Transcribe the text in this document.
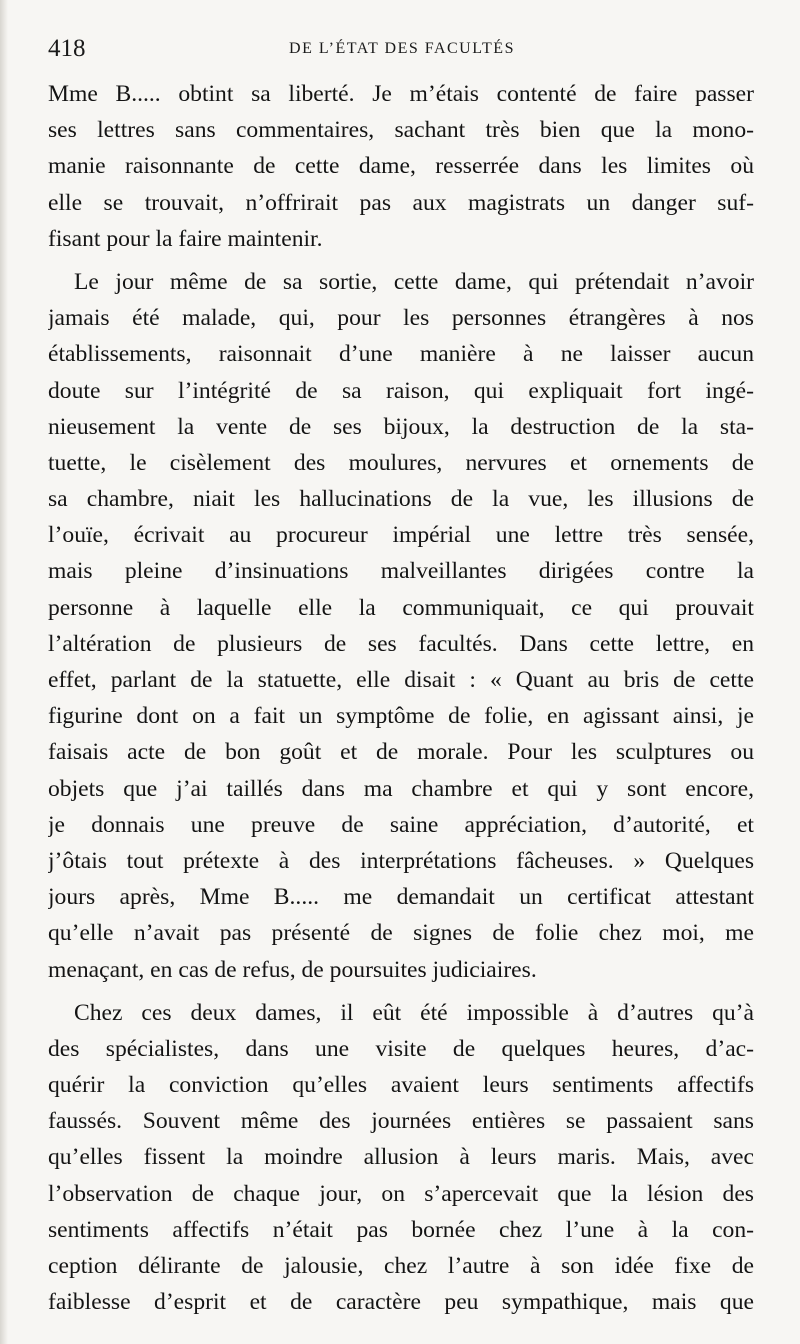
418	DE L’ÉTAT DES FACULTÉS
Mme B..... obtint sa liberté. Je m’étais contenté de faire passer
ses lettres sans commentaires, sachant très bien que la mono-
manie raisonnante de cette dame, resserrée dans les limites où
elle se trouvait, n’offrirait pas aux magistrats un danger suf-
fisant pour la faire maintenir.
Le jour même de sa sortie, cette dame, qui prétendait n’avoir
jamais été malade, qui, pour les personnes étrangères à nos
établissements, raisonnait d’une manière à ne laisser aucun
doute sur l’intégrité de sa raison, qui expliquait fort ingé-
nieusement la vente de ses bijoux, la destruction de la sta-
tuette, le cisèlement des moulures, nervures et ornements de
sa chambre, niait les hallucinations de la vue, les illusions de
l’ouïe, écrivait au procureur impérial une lettre très sensée,
mais pleine d’insinuations malveillantes dirigées contre la
personne à laquelle elle la communiquait, ce qui prouvait
l’altération de plusieurs de ses facultés. Dans cette lettre, en
effet, parlant de la statuette, elle disait : « Quant au bris de cette
figurine dont on a fait un symptôme de folie, en agissant ainsi, je
faisais acte de bon goût et de morale. Pour les sculptures ou
objets que j’ai taillés dans ma chambre et qui y sont encore,
je donnais une preuve de saine appréciation, d’autorité, et
j’ôtais tout prétexte à des interprétations fâcheuses. » Quelques
jours après, Mme B..... me demandait un certificat attestant
qu’elle n’avait pas présenté de signes de folie chez moi, me
menaçant, en cas de refus, de poursuites judiciaires.
Chez ces deux dames, il eût été impossible à d’autres qu’à
des spécialistes, dans une visite de quelques heures, d’ac-
quérir la conviction qu’elles avaient leurs sentiments affectifs
faussés. Souvent même des journées entières se passaient sans
qu’elles fissent la moindre allusion à leurs maris. Mais, avec
l’observation de chaque jour, on s’apercevait que la lésion des
sentiments affectifs n’était pas bornée chez l’une à la con-
ception délirante de jalousie, chez l’autre à son idée fixe de
faiblesse d’esprit et de caractère peu sympathique, mais que
